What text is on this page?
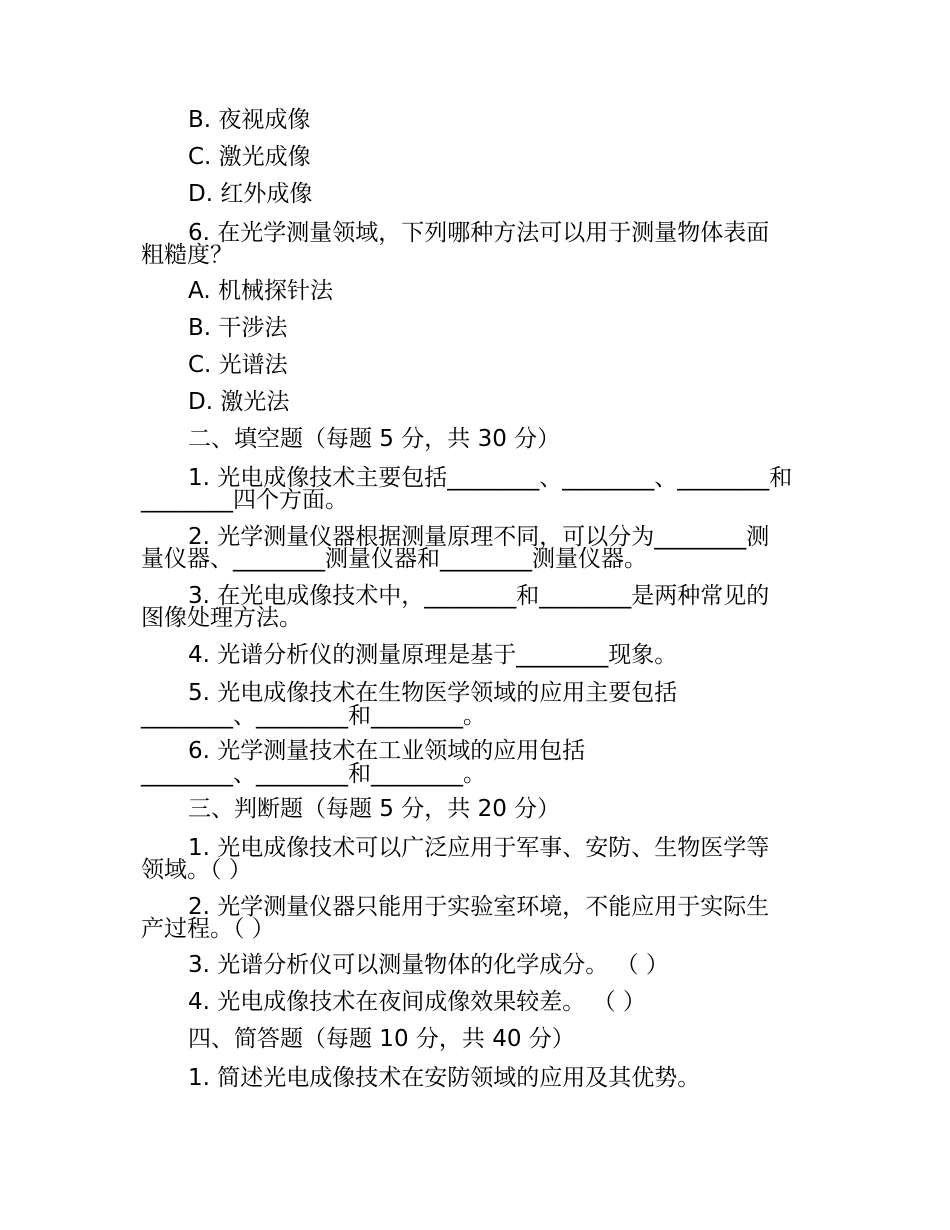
B. 夜视成像
C. 激光成像
D. 红外成像
6. 在光学测量领域，下列哪种方法可以用于测量物体表面
粗糙度？
A. 机械探针法
B. 干涉法
C. 光谱法
D. 激光法
二、填空题（每题 5 分，共 30 分）
1. 光电成像技术主要包括________、________、________和
________四个方面。
2. 光学测量仪器根据测量原理不同，可以分为________测
量仪器、________测量仪器和________测量仪器。
3. 在光电成像技术中，________和________是两种常见的
图像处理方法。
4. 光谱分析仪的测量原理是基于________现象。
5. 光电成像技术在生物医学领域的应用主要包括
________、________和________。
6. 光学测量技术在工业领域的应用包括
________、________和________。
三、判断题（每题 5 分，共 20 分）
1. 光电成像技术可以广泛应用于军事、安防、生物医学等
领域。（ ）
2. 光学测量仪器只能用于实验室环境，不能应用于实际生
产过程。（ ）
3. 光谱分析仪可以测量物体的化学成分。 （ ）
4. 光电成像技术在夜间成像效果较差。 （ ）
四、简答题（每题 10 分，共 40 分）
1. 简述光电成像技术在安防领域的应用及其优势。
